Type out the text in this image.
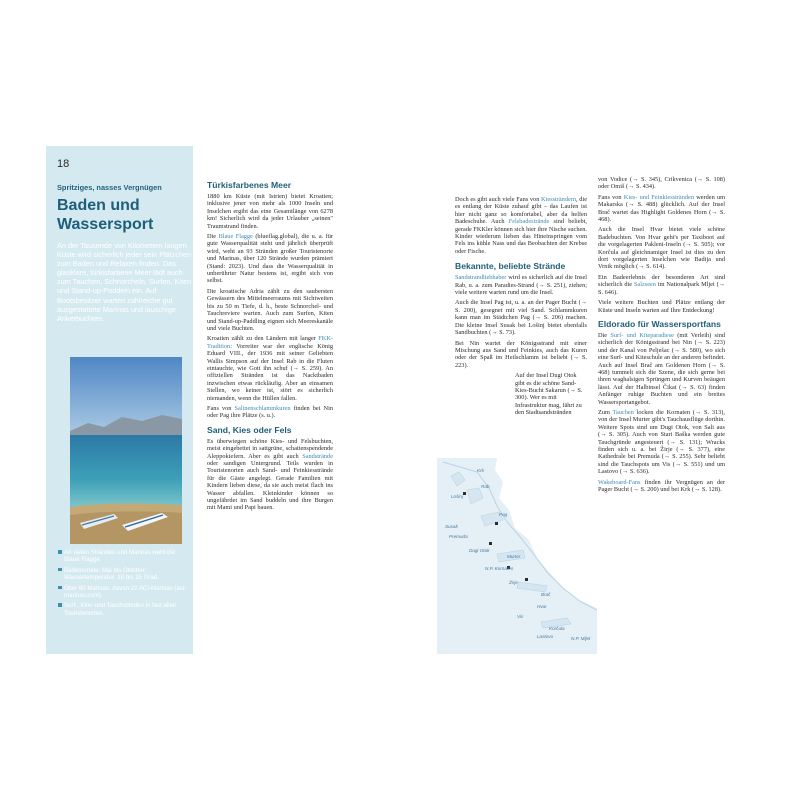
18
Spritziges, nasses Vergnügen
Baden und
Wassersport

An der Tausende von Kilometern langen Küste wird sicherlich jeder sein Plätzchen zum Baden und Relaxen finden. Das glasklare, türkisfarbene Meer lädt auch zum Tauchen, Schnorcheln, Surfen, Kiten und Stand-up-Paddeln ein. Auf Bootsbesitzer warten zahlreiche gut ausgestattete Marinas und lauschige Ankerbuchten.

An vielen Stränden und Marinas weht die Blaue Flagge.
Bademonate: Mai bis Oktober; Wassertemperatur: 18 bis 25 Grad.
Über 60 Marinas, davon 22 ACI-Marinas (aci-marinas.com).
Surf-, Kite- und Tauchschulen in fast allen Touristenorten.
Türkisfarbenes Meer

1880 km Küste (mit Istrien) bietet Kroatien; inklusive jener von mehr als 1000 Inseln und Inselchen ergibt das eine Gesamtlänge von 6278 km! Sicherlich wird da jeder Urlauber „seinen" Traumstrand finden.

Die Blaue Flagge (blueflag.global), die u. a. für gute Wasserqualität steht und jährlich überprüft wird, weht an 93 Stränden großer Touristenorte und Marinas, über 120 Strände wurden prämiert (Stand: 2023). Und dass die Wasserqualität in unberührter Natur bestens ist, ergibt sich von selbst.

Die kroatische Adria zählt zu den saubersten Gewässern des Mittelmeerraums mit Sichtweiten bis zu 50 m Tiefe, d. h., beste Schnorchel- und Tauchreviere warten. Auch zum Surfen, Kiten und Stand-up-Paddling eignen sich Meereskanäle und viele Buchten.

Kroatien zählt zu den Ländern mit langer FKK-Tradition: Vorreiter war der englische König Eduard VIII., der 1936 mit seiner Geliebten Wallis Simpson auf der Insel Rab in die Fluten eintauchte, wie Gott ihn schuf (→ S. 259). An offiziellen Stränden ist das Nacktbaden inzwischen etwas rückläufig. Aber an einsamen Stellen, wo keiner ist, stört es sicherlich niemanden, wenn die Hüllen fallen.

Fans von Salinenschlammkuren finden bei Nin oder Pag ihre Plätze (s. u.).

Sand, Kies oder Fels

Es überwiegen schöne Kies- und Felsbuchten, meist eingebettet in sattgrüne, schattenspendende Aleppokiefern. Aber es gibt auch Sandstrände oder sandigen Untergrund. Teils wurden in Touristenorten auch Sand- und Feinkiesstrände für die Gäste angelegt. Gerade Familien mit Kindern lieben diese, da sie auch meist flach ins Wasser abfallen. Kleinkinder können so ungefährdet im Sand buddeln und ihre Burgen mit Mami und Papi bauen.

Doch es gibt auch viele Fans von Kiessträndern, die es entlang der Küste zuhauf gibt – das Laufen ist hier nicht ganz so komfortabel, aber da helfen Badeschuhe. Auch Felsbadestrände sind beliebt, gerade FKKler können sich hier ihre Nische suchen. Kinder wiederum lieben das Hineinspringen vom Fels ins kühle Nass und das Beobachten der Krebse oder Fische.

Bekannte, beliebte Strände

Sandstrandliebhaber wird es sicherlich auf die Insel Rab, u. a. zum Paradies-Strand (→ S. 251), ziehen; viele weitere warten rund um die Insel.

Auch die Insel Pag ist, u. a. an der Pager Bucht (→ S. 200), gesegnet mit viel Sand. Schlammkuren kann man im Städtchen Pag (→ S. 206) machen. Die kleine Insel Susak bei Lošinj bietet ebenfalls Sandbuchten (→ S. 73).

Bei Nin wartet der Königsstrand mit einer Mischung aus Sand und Feinkies, auch das Kuren oder der Spaß im Heilschlamm ist beliebt (→ S. 223).

Auf der Insel Dugi Otok gibt es die schöne Sand-Kies-Bucht Sakarun (→ S. 300). Wer es mit Infrastruktur mag, fährt zu den Stadtsandstränden

Krk
Lošinj
Rab
Pag
Susak
Premuda
Dugi Otok
Murter
N.P. Kornaten
Žirje
Brač
Hvar
Vis
Korčula
Lastovo	N.P. Mljet

von Vodice (→ S. 345), Crikvenica (→ S. 108) oder Omiš (→ S. 434).

Fans von Kies- und Feinkiesstränden werden um Makarska (→ S. 488) glücklich. Auf der Insel Brač wartet das Highlight Goldenes Horn (→ S. 468).

Auch die Insel Hvar bietet viele schöne Badebuchten. Von Hvar geht's per Taxiboot auf die vorgelagerten Pakleni-Inseln (→ S. 505); vor Korčula auf gleichnamiger Insel ist dies zu den dort vorgelagerten Inselchen wie Badija und Vrnik möglich (→ S. 614).

Ein Badeerlebnis der besonderen Art sind sicherlich die Salzseen im Nationalpark Mljet (→ S. 646).

Viele weitere Buchten und Plätze entlang der Küste und Inseln warten auf Ihre Entdeckung!

Eldorado für Wassersportfans

Die Surf- und Kiteparadiese (mit Verleih) sind sicherlich der Königsstrand bei Nin (→ S. 223) und der Kanal von Pelješac (→ S. 580), wo sich eine Surf- und Kiteschule an der anderen befindet. Auch auf Insel Brač am Goldenen Horn (→ S. 468) tummelt sich die Szene, die sich gerne bei ihren waghalsigen Sprüngen und Kurven beäugen lässt. Auf der Halbinsel Čikat (→ S. 63) finden Anfänger ruhige Buchten und ein breites Wassersportangebot.

Zum Tauchen locken die Kornaten (→ S. 313), von der Insel Murter gibt's Tauchausflüge dorthin. Weitere Spots sind um Dugi Otok, von Sali aus (→ S. 305). Auch von Stari Baška werden gute Tauchgründe angesteuert (→ S. 131); Wracks finden sich u. a. bei Žirje (→ S. 377), eine Kathedrale bei Premuda (→ S. 255). Sehr beliebt sind die Tauchspots um Vis (→ S. 551) und um Lastovo (→ S. 636).

Wakeboard-Fans finden ihr Vergnügen an der Pager Bucht (→ S. 200) und bei Krk (→ S. 128).
